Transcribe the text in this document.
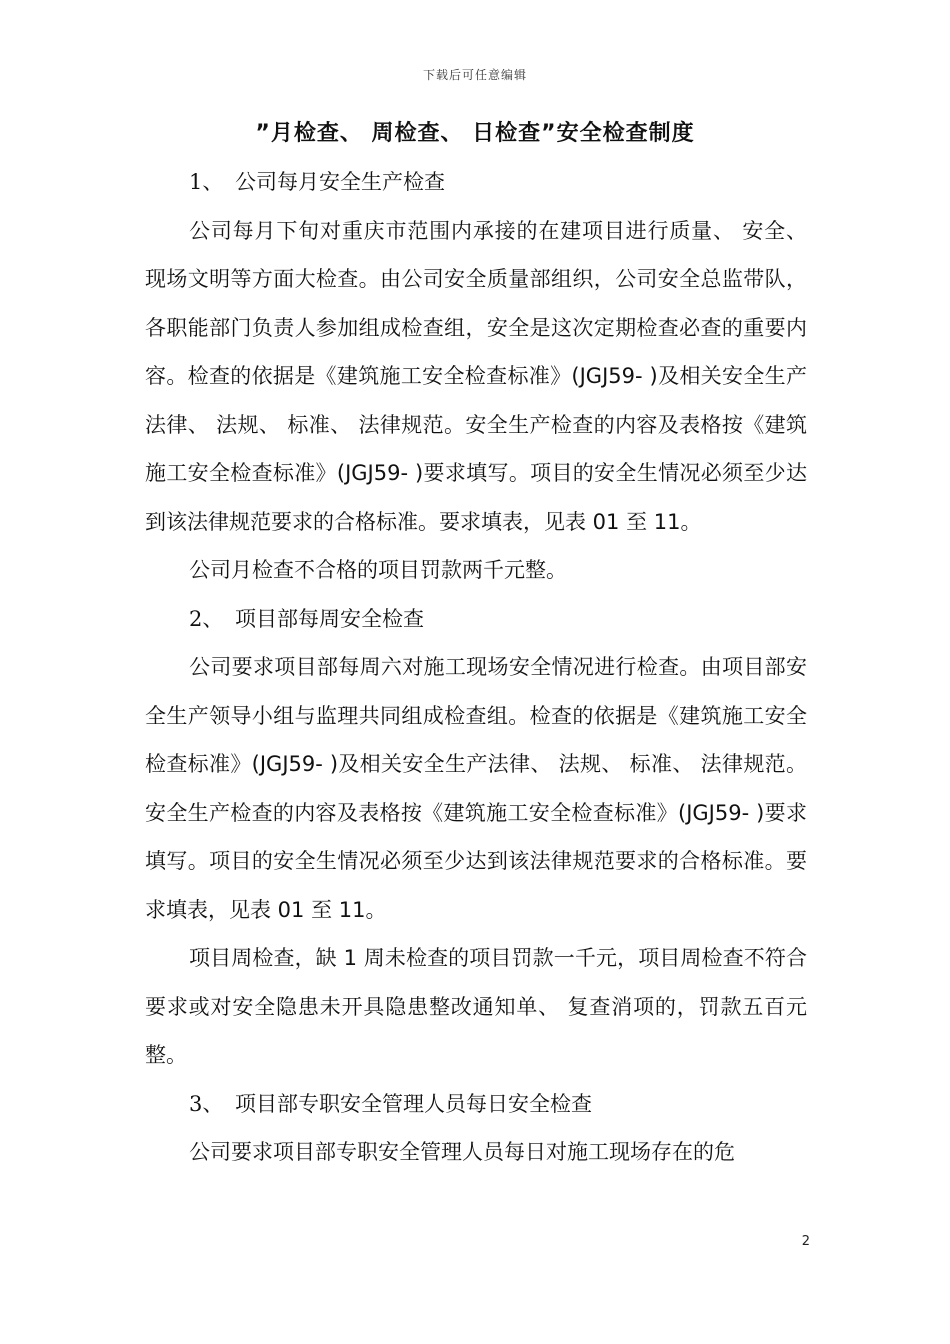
下载后可任意编辑
”月检查、 周检查、 日检查”安全检查制度

1、 公司每月安全生产检查

公司每月下旬对重庆市范围内承接的在建项目进行质量、 安全、 现场文明等方面大检查。由公司安全质量部组织，公司安全总监带队，各职能部门负责人参加组成检查组，安全是这次定期检查必查的重要内容。检查的依据是《建筑施工安全检查标准》(JGJ59- )及相关安全生产法律、 法规、 标准、 法律规范。安全生产检查的内容及表格按《建筑施工安全检查标准》(JGJ59- )要求填写。项目的安全生情况必须至少达到该法律规范要求的合格标准。要求填表，见表 01 至 11。

公司月检查不合格的项目罚款两千元整。

2、 项目部每周安全检查

公司要求项目部每周六对施工现场安全情况进行检查。由项目部安全生产领导小组与监理共同组成检查组。检查的依据是《建筑施工安全检查标准》(JGJ59- )及相关安全生产法律、 法规、 标准、 法律规范。安全生产检查的内容及表格按《建筑施工安全检查标准》(JGJ59- )要求填写。项目的安全生情况必须至少达到该法律规范要求的合格标准。要求填表，见表 01 至 11。

项目周检查，缺 1 周未检查的项目罚款一千元，项目周检查不符合要求或对安全隐患未开具隐患整改通知单、 复查消项的，罚款五百元整。

3、 项目部专职安全管理人员每日安全检查

公司要求项目部专职安全管理人员每日对施工现场存在的危

2
